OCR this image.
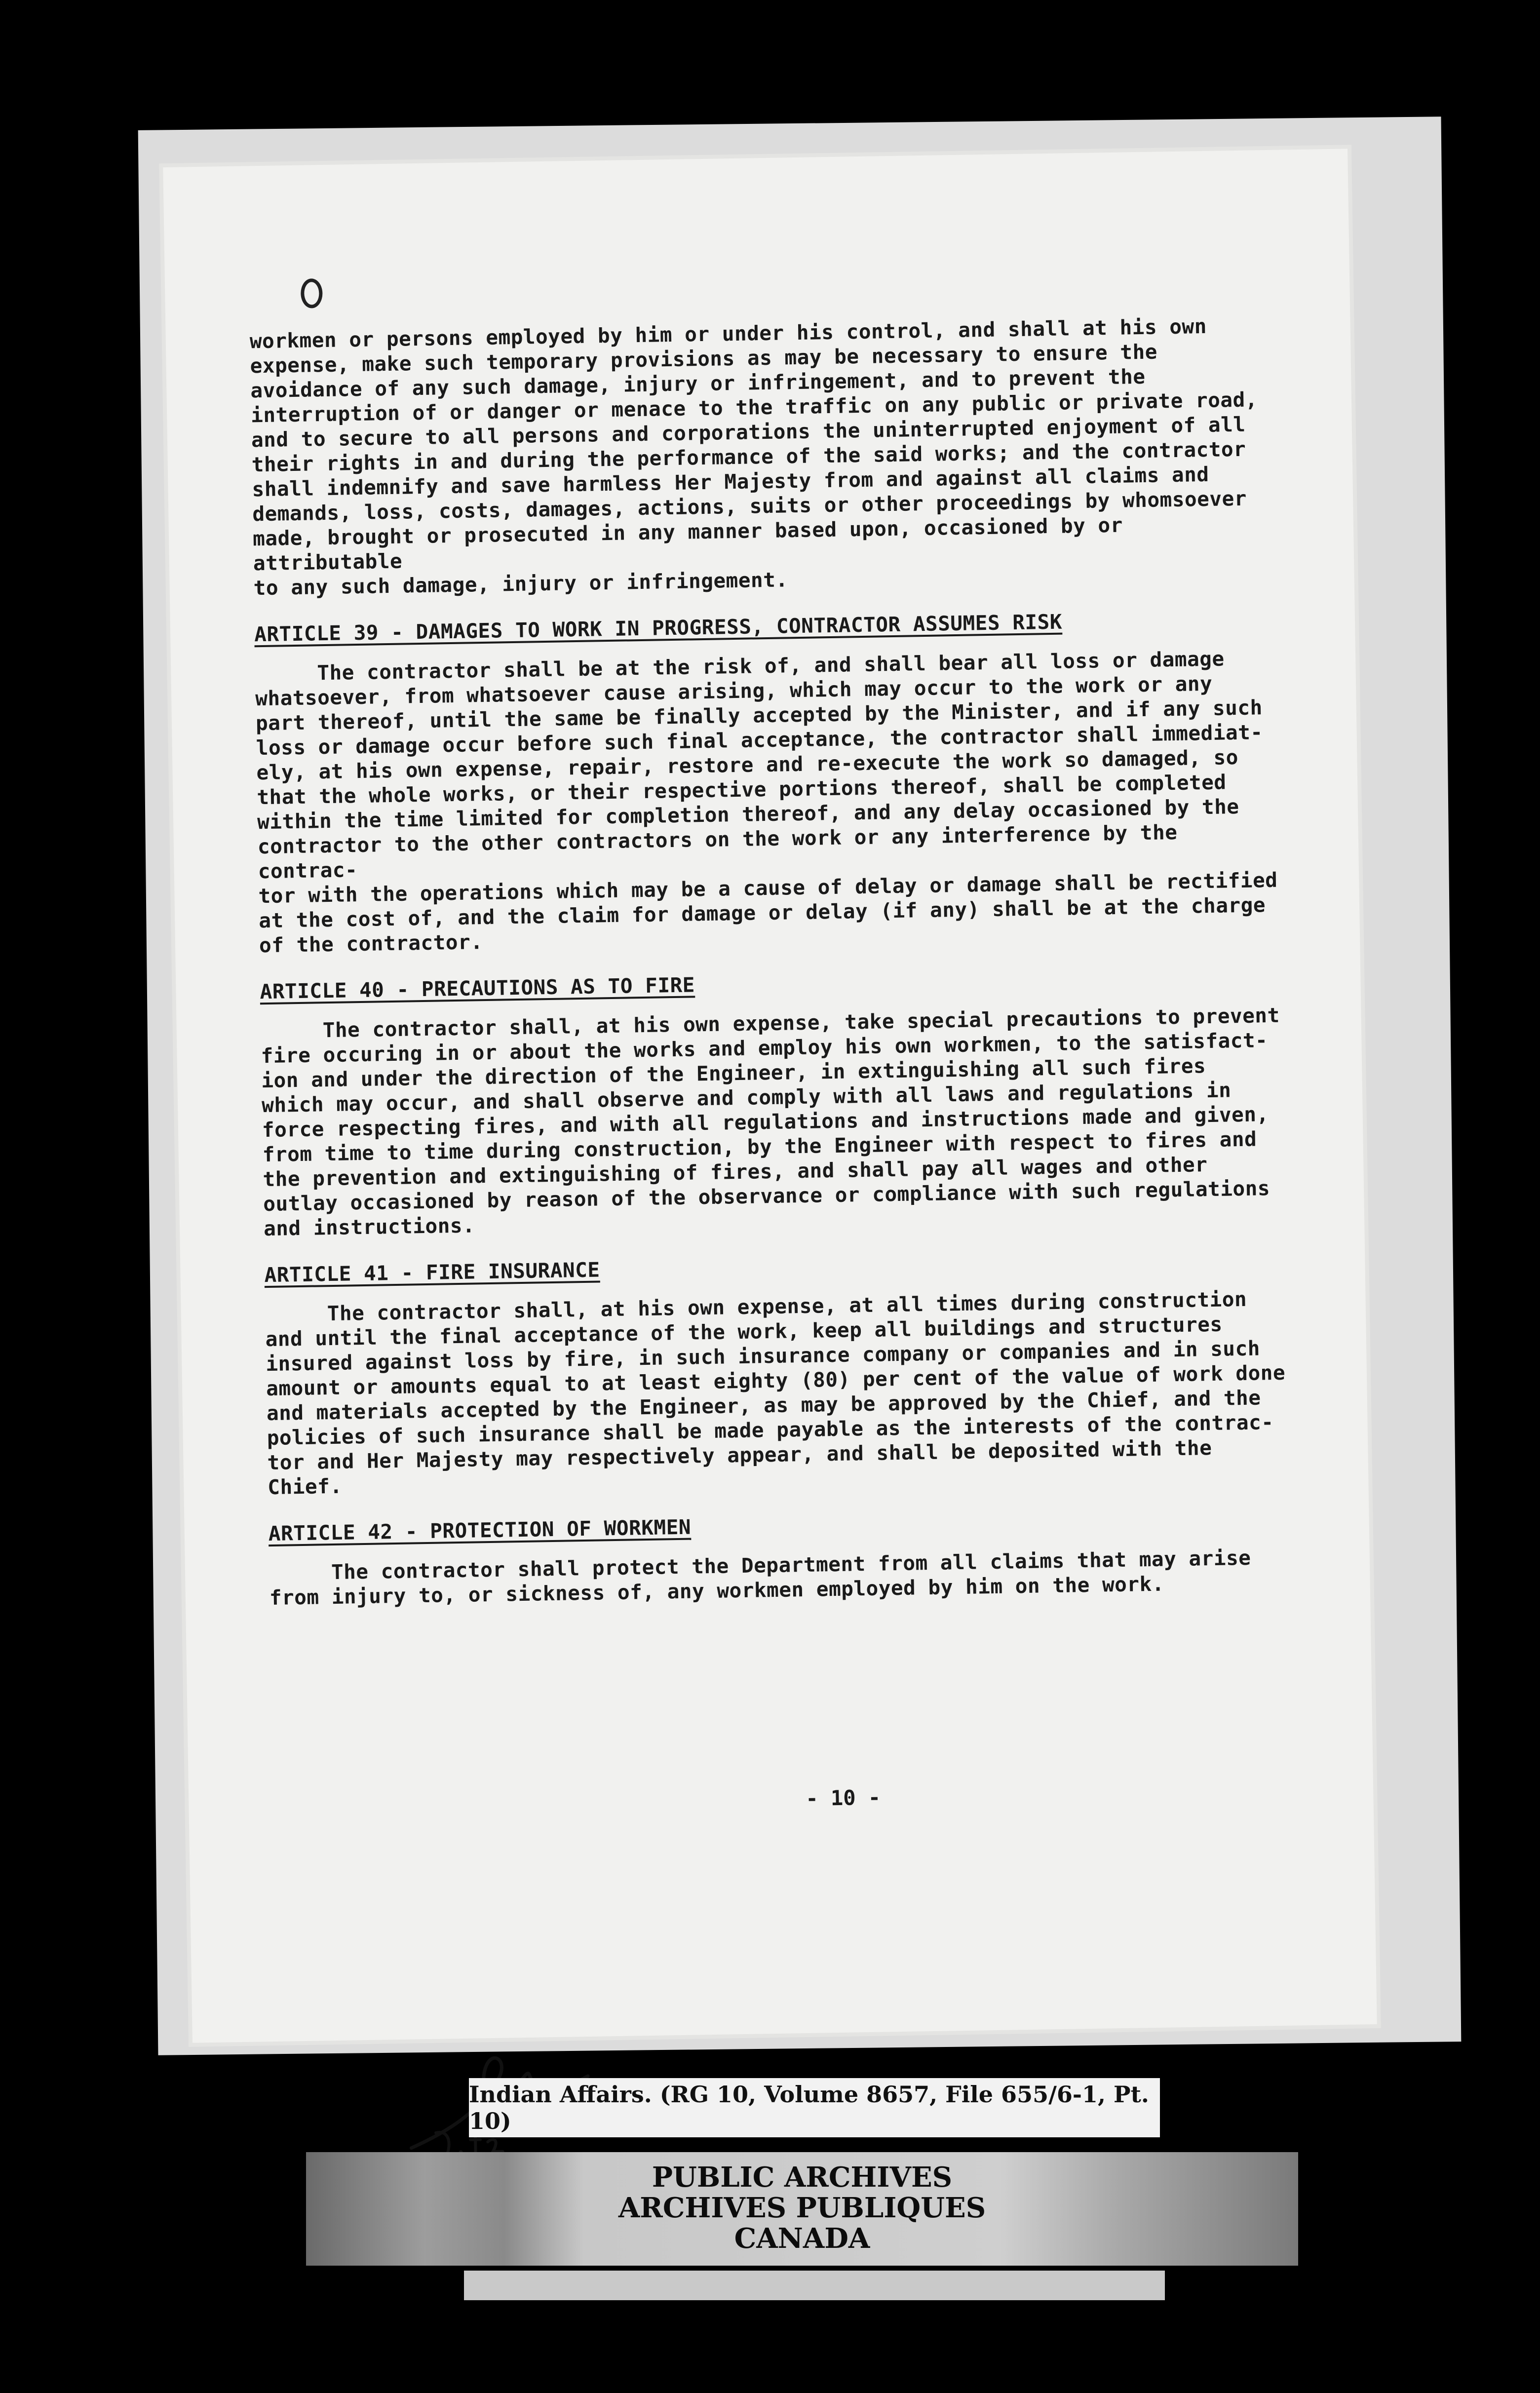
workmen or persons employed by him or under his control, and shall at his own
expense, make such temporary provisions as may be necessary to ensure the
avoidance of any such damage, injury or infringement, and to prevent the
interruption of or danger or menace to the traffic on any public or private road,
and to secure to all persons and corporations the uninterrupted enjoyment of all
their rights in and during the performance of the said works; and the contractor
shall indemnify and save harmless Her Majesty from and against all claims and
demands, loss, costs, damages, actions, suits or other proceedings by whomsoever
made, brought or prosecuted in any manner based upon, occasioned by or attributable
to any such damage, injury or infringement.

ARTICLE 39 - DAMAGES TO WORK IN PROGRESS, CONTRACTOR ASSUMES RISK

The contractor shall be at the risk of, and shall bear all loss or damage
whatsoever, from whatsoever cause arising, which may occur to the work or any
part thereof, until the same be finally accepted by the Minister, and if any such
loss or damage occur before such final acceptance, the contractor shall immediat-
ely, at his own expense, repair, restore and re-execute the work so damaged, so
that the whole works, or their respective portions thereof, shall be completed
within the time limited for completion thereof, and any delay occasioned by the
contractor to the other contractors on the work or any interference by the contrac-
tor with the operations which may be a cause of delay or damage shall be rectified
at the cost of, and the claim for damage or delay (if any) shall be at the charge
of the contractor.

ARTICLE 40 - PRECAUTIONS AS TO FIRE

The contractor shall, at his own expense, take special precautions to prevent
fire occuring in or about the works and employ his own workmen, to the satisfact-
ion and under the direction of the Engineer, in extinguishing all such fires
which may occur, and shall observe and comply with all laws and regulations in
force respecting fires, and with all regulations and instructions made and given,
from time to time during construction, by the Engineer with respect to fires and
the prevention and extinguishing of fires, and shall pay all wages and other
outlay occasioned by reason of the observance or compliance with such regulations
and instructions.

ARTICLE 41 - FIRE INSURANCE

The contractor shall, at his own expense, at all times during construction
and until the final acceptance of the work, keep all buildings and structures
insured against loss by fire, in such insurance company or companies and in such
amount or amounts equal to at least eighty (80) per cent of the value of work done
and materials accepted by the Engineer, as may be approved by the Chief, and the
policies of such insurance shall be made payable as the interests of the contrac-
tor and Her Majesty may respectively appear, and shall be deposited with the Chief.

ARTICLE 42 - PROTECTION OF WORKMEN

The contractor shall protect the Department from all claims that may arise
from injury to, or sickness of, any workmen employed by him on the work.

- 10 -
Indian Affairs. (RG 10, Volume 8657, File 655/6-1, Pt. 10)
PUBLIC ARCHIVES
ARCHIVES PUBLIQUES
CANADA
